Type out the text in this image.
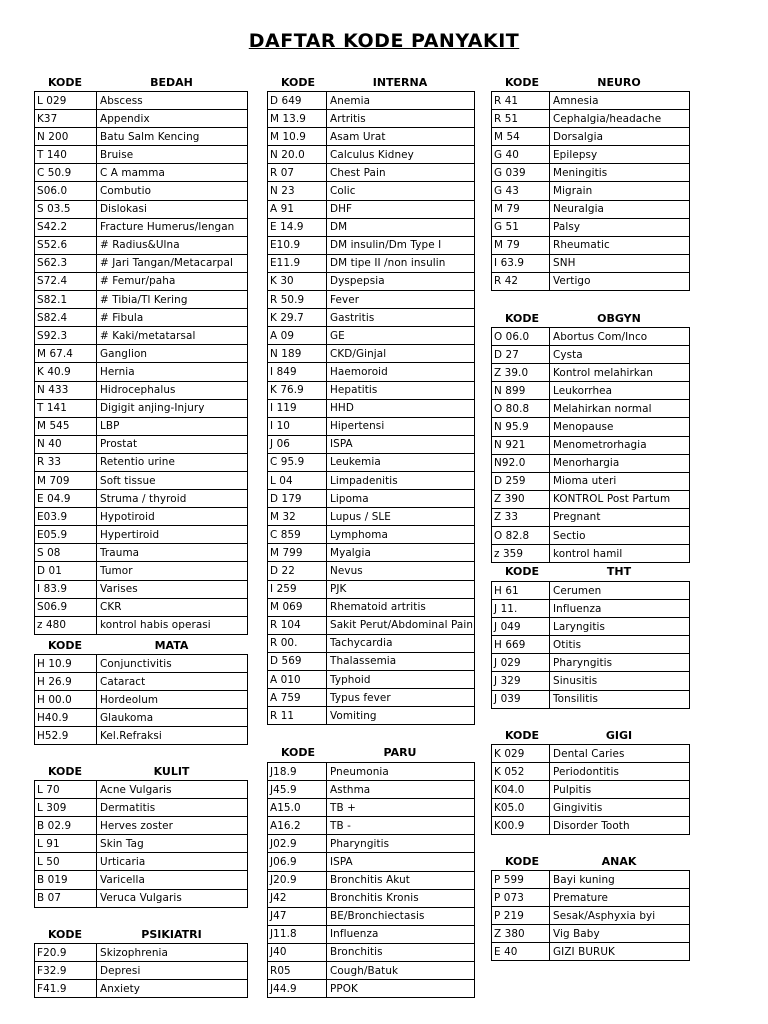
DAFTAR KODE PANYAKIT
KODE	BEDAH
L 029	Abscess
K37	Appendix
N 200	Batu Salm Kencing
T 140	Bruise
C 50.9	C A mamma
S06.0	Combutio
S 03.5	Dislokasi
S42.2	Fracture Humerus/lengan
S52.6	# Radius&Ulna
S62.3	# Jari Tangan/Metacarpal
S72.4	# Femur/paha
S82.1	# Tibia/Tl Kering
S82.4	# Fibula
S92.3	# Kaki/metatarsal
M 67.4	Ganglion
K 40.9	Hernia
N 433	Hidrocephalus
T 141	Digigit anjing-Injury
M 545	LBP
N 40	Prostat
R 33	Retentio urine
M 709	Soft tissue
E 04.9	Struma / thyroid
E03.9	Hypotiroid
E05.9	Hypertiroid
S 08	Trauma
D 01	Tumor
I 83.9	Varises
S06.9	CKR
z 480	kontrol habis operasi
KODE	MATA
H 10.9	Conjunctivitis
H 26.9	Cataract
H 00.0	Hordeolum
H40.9	Glaukoma
H52.9	Kel.Refraksi
KODE	KULIT
L 70	Acne Vulgaris
L 309	Dermatitis
B 02.9	Herves zoster
L 91	Skin Tag
L 50	Urticaria
B 019	Varicella
B 07	Veruca Vulgaris
KODE	PSIKIATRI
F20.9	Skizophrenia
F32.9	Depresi
F41.9	Anxiety
KODE	INTERNA
D 649	Anemia
M 13.9	Artritis
M 10.9	Asam Urat
N 20.0	Calculus Kidney
R 07	Chest Pain
N 23	Colic
A 91	DHF
E 14.9	DM
E10.9	DM insulin/Dm Type I
E11.9	DM tipe II /non insulin
K 30	Dyspepsia
R 50.9	Fever
K 29.7	Gastritis
A 09	GE
N 189	CKD/Ginjal
I 849	Haemoroid
K 76.9	Hepatitis
I 119	HHD
I 10	Hipertensi
J 06	ISPA
C 95.9	Leukemia
L 04	Limpadenitis
D 179	Lipoma
M 32	Lupus / SLE
C 859	Lymphoma
M 799	Myalgia
D 22	Nevus
I 259	PJK
M 069	Rhematoid artritis
R 104	Sakit Perut/Abdominal Pain
R 00.	Tachycardia
D 569	Thalassemia
A 010	Typhoid
A 759	Typus fever
R 11	Vomiting
KODE	PARU
J18.9	Pneumonia
J45.9	Asthma
A15.0	TB +
A16.2	TB -
J02.9	Pharyngitis
J06.9	ISPA
J20.9	Bronchitis Akut
J42	Bronchitis Kronis
J47	BE/Bronchiectasis
J11.8	Influenza
J40	Bronchitis
R05	Cough/Batuk
J44.9	PPOK
KODE	NEURO
R 41	Amnesia
R 51	Cephalgia/headache
M 54	Dorsalgia
G 40	Epilepsy
G 039	Meningitis
G 43	Migrain
M 79	Neuralgia
G 51	Palsy
M 79	Rheumatic
I 63.9	SNH
R 42	Vertigo
KODE	OBGYN
O 06.0	Abortus Com/Inco
D 27	Cysta
Z 39.0	Kontrol melahirkan
N 899	Leukorrhea
O 80.8	Melahirkan normal
N 95.9	Menopause
N 921	Menometrorhagia
N92.0	Menorhargia
D 259	Mioma uteri
Z 390	KONTROL Post Partum
Z 33	Pregnant
O 82.8	Sectio
z 359	kontrol hamil
KODE	THT
H 61	Cerumen
J 11.	Influenza
J 049	Laryngitis
H 669	Otitis
J 029	Pharyngitis
J 329	Sinusitis
J 039	Tonsilitis
KODE	GIGI
K 029	Dental Caries
K 052	Periodontitis
K04.0	Pulpitis
K05.0	Gingivitis
K00.9	Disorder Tooth
KODE	ANAK
P 599	Bayi kuning
P 073	Premature
P 219	Sesak/Asphyxia byi
Z 380	Vig Baby
E 40	GIZI BURUK
